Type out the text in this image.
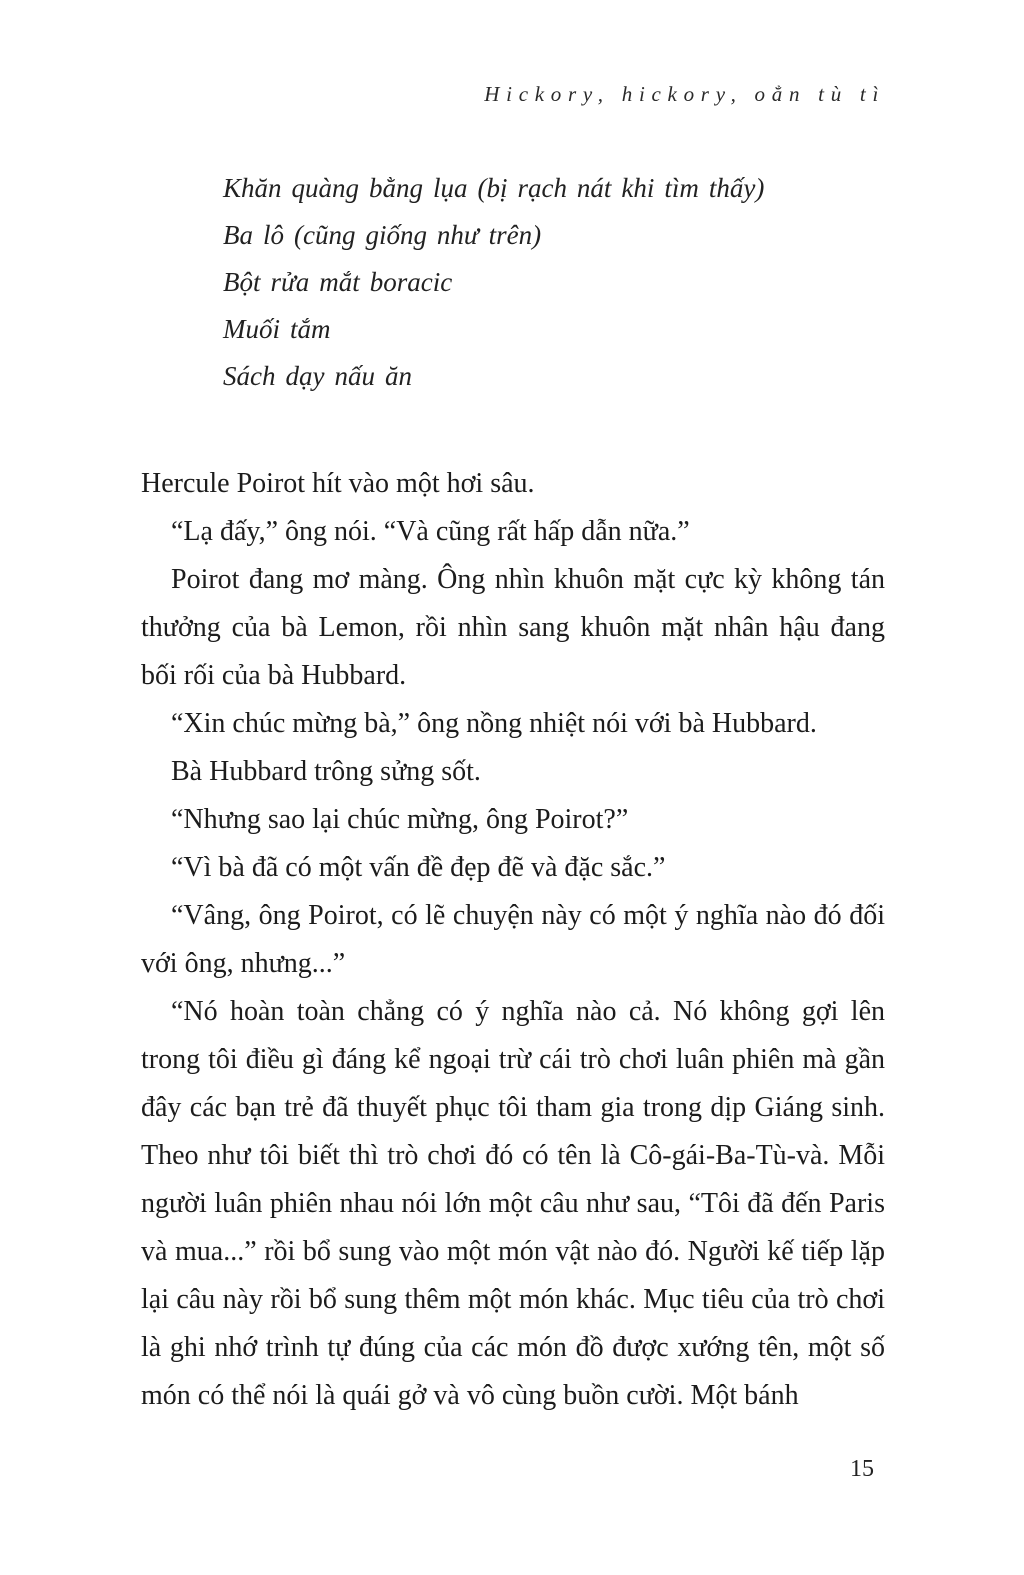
Hickory, hickory, oẳn tù tì
Khăn quàng bằng lụa (bị rạch nát khi tìm thấy)
Ba lô (cũng giống như trên)
Bột rửa mắt boracic
Muối tắm
Sách dạy nấu ăn

Hercule Poirot hít vào một hơi sâu.

“Lạ đấy,” ông nói. “Và cũng rất hấp dẫn nữa.”

Poirot đang mơ màng. Ông nhìn khuôn mặt cực kỳ không tán thưởng của bà Lemon, rồi nhìn sang khuôn mặt nhân hậu đang bối rối của bà Hubbard.

“Xin chúc mừng bà,” ông nồng nhiệt nói với bà Hubbard.

Bà Hubbard trông sửng sốt.

“Nhưng sao lại chúc mừng, ông Poirot?”

“Vì bà đã có một vấn đề đẹp đẽ và đặc sắc.”

“Vâng, ông Poirot, có lẽ chuyện này có một ý nghĩa nào đó đối với ông, nhưng...”

“Nó hoàn toàn chẳng có ý nghĩa nào cả. Nó không gợi lên trong tôi điều gì đáng kể ngoại trừ cái trò chơi luân phiên mà gần đây các bạn trẻ đã thuyết phục tôi tham gia trong dịp Giáng sinh. Theo như tôi biết thì trò chơi đó có tên là Cô-gái-Ba-Tù-và. Mỗi người luân phiên nhau nói lớn một câu như sau, “Tôi đã đến Paris và mua...” rồi bổ sung vào một món vật nào đó. Người kế tiếp lặp lại câu này rồi bổ sung thêm một món khác. Mục tiêu của trò chơi là ghi nhớ trình tự đúng của các món đồ được xướng tên, một số món có thể nói là quái gở và vô cùng buồn cười. Một bánh

15
